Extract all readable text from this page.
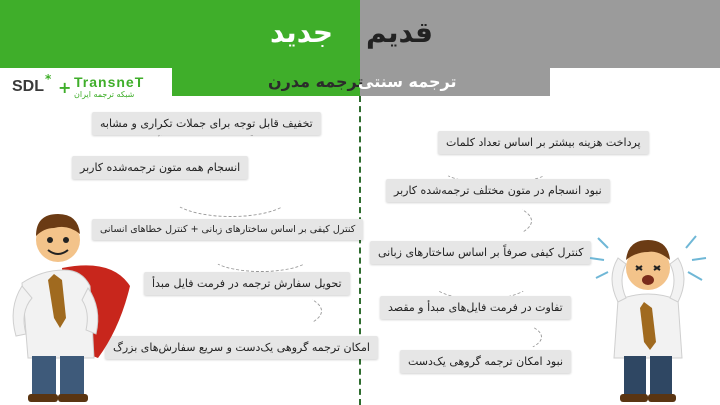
جدید قدیم
ترجمه مدرن
ترجمه سنتی
SDL * + TransneT
شبکه ترجمه ایران
تخفیف قابل توجه برای جملات تکراری و مشابه
انسجام همه متون ترجمه‌شده کاربر
کنترل کیفی بر اساس ساختارهای زبانی + کنترل خطاهای انسانی
تحویل سفارش ترجمه در فرمت فایل مبدأ
امکان ترجمه گروهی یک‌دست و سریع سفارش‌های بزرگ
پرداخت هزینه بیشتر بر اساس تعداد کلمات
نبود انسجام در متون مختلف ترجمه‌شده کاربر
کنترل کیفی صرفاً بر اساس ساختارهای زبانی
تفاوت در فرمت فایل‌های مبدأ و مقصد
نبود امکان ترجمه گروهی یک‌دست
